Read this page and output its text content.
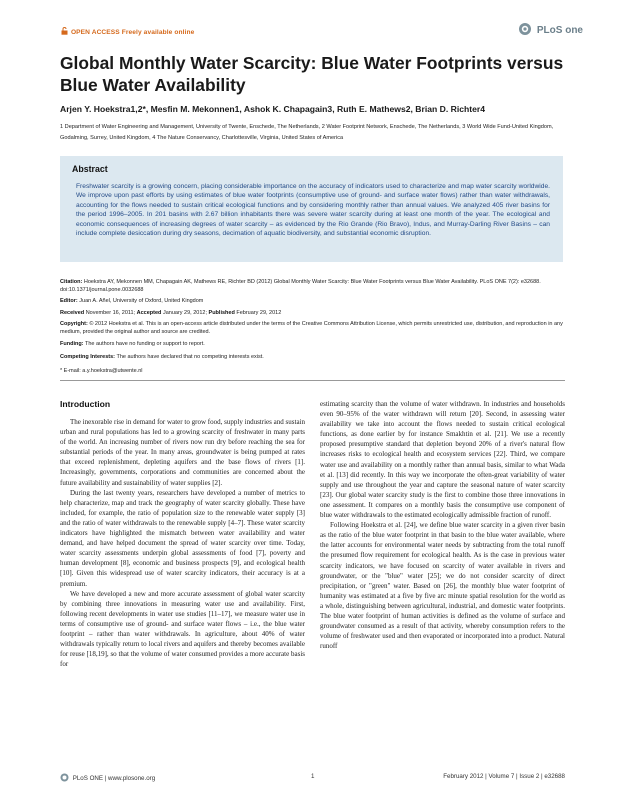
OPEN ACCESS Freely available online	PLoS one
Global Monthly Water Scarcity: Blue Water Footprints versus Blue Water Availability
Arjen Y. Hoekstra1,2*, Mesfin M. Mekonnen1, Ashok K. Chapagain3, Ruth E. Mathews2, Brian D. Richter4
1 Department of Water Engineering and Management, University of Twente, Enschede, The Netherlands, 2 Water Footprint Network, Enschede, The Netherlands, 3 World Wide Fund-United Kingdom, Godalming, Surrey, United Kingdom, 4 The Nature Conservancy, Charlottesville, Virginia, United States of America
Abstract

Freshwater scarcity is a growing concern, placing considerable importance on the accuracy of indicators used to characterize and map water scarcity worldwide. We improve upon past efforts by using estimates of blue water footprints (consumptive use of ground- and surface water flows) rather than water withdrawals, accounting for the flows needed to sustain critical ecological functions and by considering monthly rather than annual values. We analyzed 405 river basins for the period 1996–2005. In 201 basins with 2.67 billion inhabitants there was severe water scarcity during at least one month of the year. The ecological and economic consequences of increasing degrees of water scarcity – as evidenced by the Rio Grande (Rio Bravo), Indus, and Murray-Darling River Basins – can include complete desiccation during dry seasons, decimation of aquatic biodiversity, and substantial economic disruption.

Citation: Hoekstra AY, Mekonnen MM, Chapagain AK, Mathews RE, Richter BD (2012) Global Monthly Water Scarcity: Blue Water Footprints versus Blue Water Availability. PLoS ONE 7(2): e32688. doi:10.1371/journal.pone.0032688
Editor: Juan A. Añel, University of Oxford, United Kingdom
Received November 16, 2011; Accepted January 29, 2012; Published February 29, 2012
Copyright: © 2012 Hoekstra et al. This is an open-access article distributed under the terms of the Creative Commons Attribution License, which permits unrestricted use, distribution, and reproduction in any medium, provided the original author and source are credited.
Funding: The authors have no funding or support to report.
Competing Interests: The authors have declared that no competing interests exist.
* E-mail: a.y.hoekstra@utwente.nl
Introduction

The inexorable rise in demand for water to grow food, supply industries and sustain urban and rural populations has led to a growing scarcity of freshwater in many parts of the world. An increasing number of rivers now run dry before reaching the sea for substantial periods of the year. In many areas, groundwater is being pumped at rates that exceed replenishment, depleting aquifers and the base flows of rivers [1]. Increasingly, governments, corporations and communities are concerned about the future availability and sustainability of water supplies [2].

During the last twenty years, researchers have developed a number of metrics to help characterize, map and track the geography of water scarcity globally. These have included, for example, the ratio of population size to the renewable water supply [3] and the ratio of water withdrawals to the renewable supply [4–7]. These water scarcity indicators have highlighted the mismatch between water availability and water demand, and have helped document the spread of water scarcity over time. Today, water scarcity assessments underpin global assessments of food [7], poverty and human development [8], economic and business prospects [9], and ecological health [10]. Given this widespread use of water scarcity indicators, their accuracy is at a premium.

We have developed a new and more accurate assessment of global water scarcity by combining three innovations in measuring water use and availability. First, following recent developments in water use studies [11–17], we measure water use in terms of consumptive use of ground- and surface water flows – i.e., the blue water footprint – rather than water withdrawals. In agriculture, about 40% of water withdrawals typically return to local rivers and aquifers and thereby becomes available for reuse [18,19], so that the volume of water consumed provides a more accurate basis for

estimating scarcity than the volume of water withdrawn. In industries and households even 90–95% of the water withdrawn will return [20]. Second, in assessing water availability we take into account the flows needed to sustain critical ecological functions, as done earlier by for instance Smakhtin et al. [21]. We use a recently proposed presumptive standard that depletion beyond 20% of a river's natural flow increases risks to ecological health and ecosystem services [22]. Third, we compare water use and availability on a monthly rather than annual basis, similar to what Wada et al. [13] did recently. In this way we incorporate the often-great variability of water supply and use throughout the year and capture the seasonal nature of water scarcity [23]. Our global water scarcity study is the first to combine those three innovations in one assessment. It compares on a monthly basis the consumptive use component of blue water withdrawals to the estimated ecologically admissible fraction of runoff.

Following Hoekstra et al. [24], we define blue water scarcity in a given river basin as the ratio of the blue water footprint in that basin to the blue water available, where the latter accounts for environmental water needs by subtracting from the total runoff the presumed flow requirement for ecological health. As is the case in previous water scarcity indicators, we have focused on scarcity of water available in rivers and groundwater, or the "blue" water [25]; we do not consider scarcity of direct precipitation, or "green" water. Based on [26], the monthly blue water footprint of humanity was estimated at a five by five arc minute spatial resolution for the world as a whole, distinguishing between agricultural, industrial, and domestic water footprints. The blue water footprint of human activities is defined as the volume of surface and groundwater consumed as a result of that activity, whereby consumption refers to the volume of freshwater used and then evaporated or incorporated into a product. Natural runoff

PLoS ONE | www.plosone.org	1	February 2012 | Volume 7 | Issue 2 | e32688
